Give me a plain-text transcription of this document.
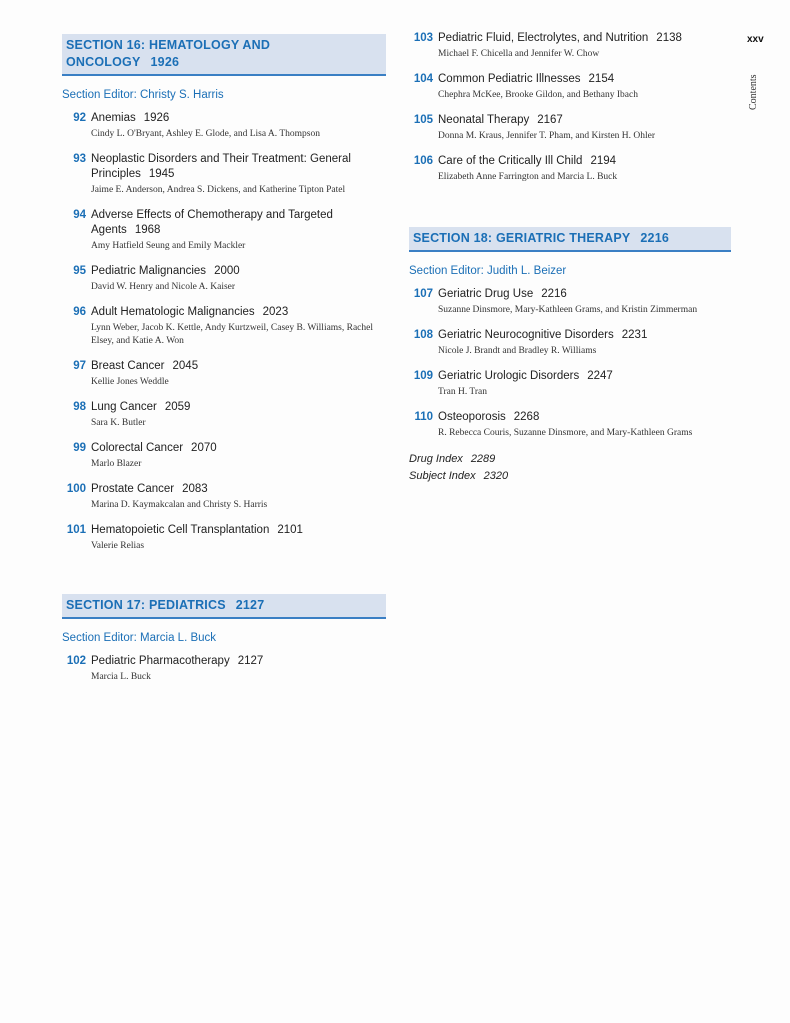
xxv
Contents
SECTION 16: HEMATOLOGY AND
ONCOLOGY 1926
Section Editor: Christy S. Harris
92 Anemias 1926
Cindy L. O'Bryant, Ashley E. Glode, and Lisa A. Thompson
93 Neoplastic Disorders and Their Treatment: General Principles 1945
Jaime E. Anderson, Andrea S. Dickens, and Katherine Tipton Patel
94 Adverse Effects of Chemotherapy and Targeted Agents 1968
Amy Hatfield Seung and Emily Mackler
95 Pediatric Malignancies 2000
David W. Henry and Nicole A. Kaiser
96 Adult Hematologic Malignancies 2023
Lynn Weber, Jacob K. Kettle, Andy Kurtzweil, Casey B. Williams, Rachel Elsey, and Katie A. Won
97 Breast Cancer 2045
Kellie Jones Weddle
98 Lung Cancer 2059
Sara K. Butler
99 Colorectal Cancer 2070
Marlo Blazer
100 Prostate Cancer 2083
Marina D. Kaymakcalan and Christy S. Harris
101 Hematopoietic Cell Transplantation 2101
Valerie Relias
SECTION 17: PEDIATRICS 2127
Section Editor: Marcia L. Buck
102 Pediatric Pharmacotherapy 2127
Marcia L. Buck
103 Pediatric Fluid, Electrolytes, and Nutrition 2138
Michael F. Chicella and Jennifer W. Chow
104 Common Pediatric Illnesses 2154
Chephra McKee, Brooke Gildon, and Bethany Ibach
105 Neonatal Therapy 2167
Donna M. Kraus, Jennifer T. Pham, and Kirsten H. Ohler
106 Care of the Critically Ill Child 2194
Elizabeth Anne Farrington and Marcia L. Buck
SECTION 18: GERIATRIC THERAPY 2216
Section Editor: Judith L. Beizer
107 Geriatric Drug Use 2216
Suzanne Dinsmore, Mary-Kathleen Grams, and Kristin Zimmerman
108 Geriatric Neurocognitive Disorders 2231
Nicole J. Brandt and Bradley R. Williams
109 Geriatric Urologic Disorders 2247
Tran H. Tran
110 Osteoporosis 2268
R. Rebecca Couris, Suzanne Dinsmore, and Mary-Kathleen Grams
Drug Index 2289
Subject Index 2320
